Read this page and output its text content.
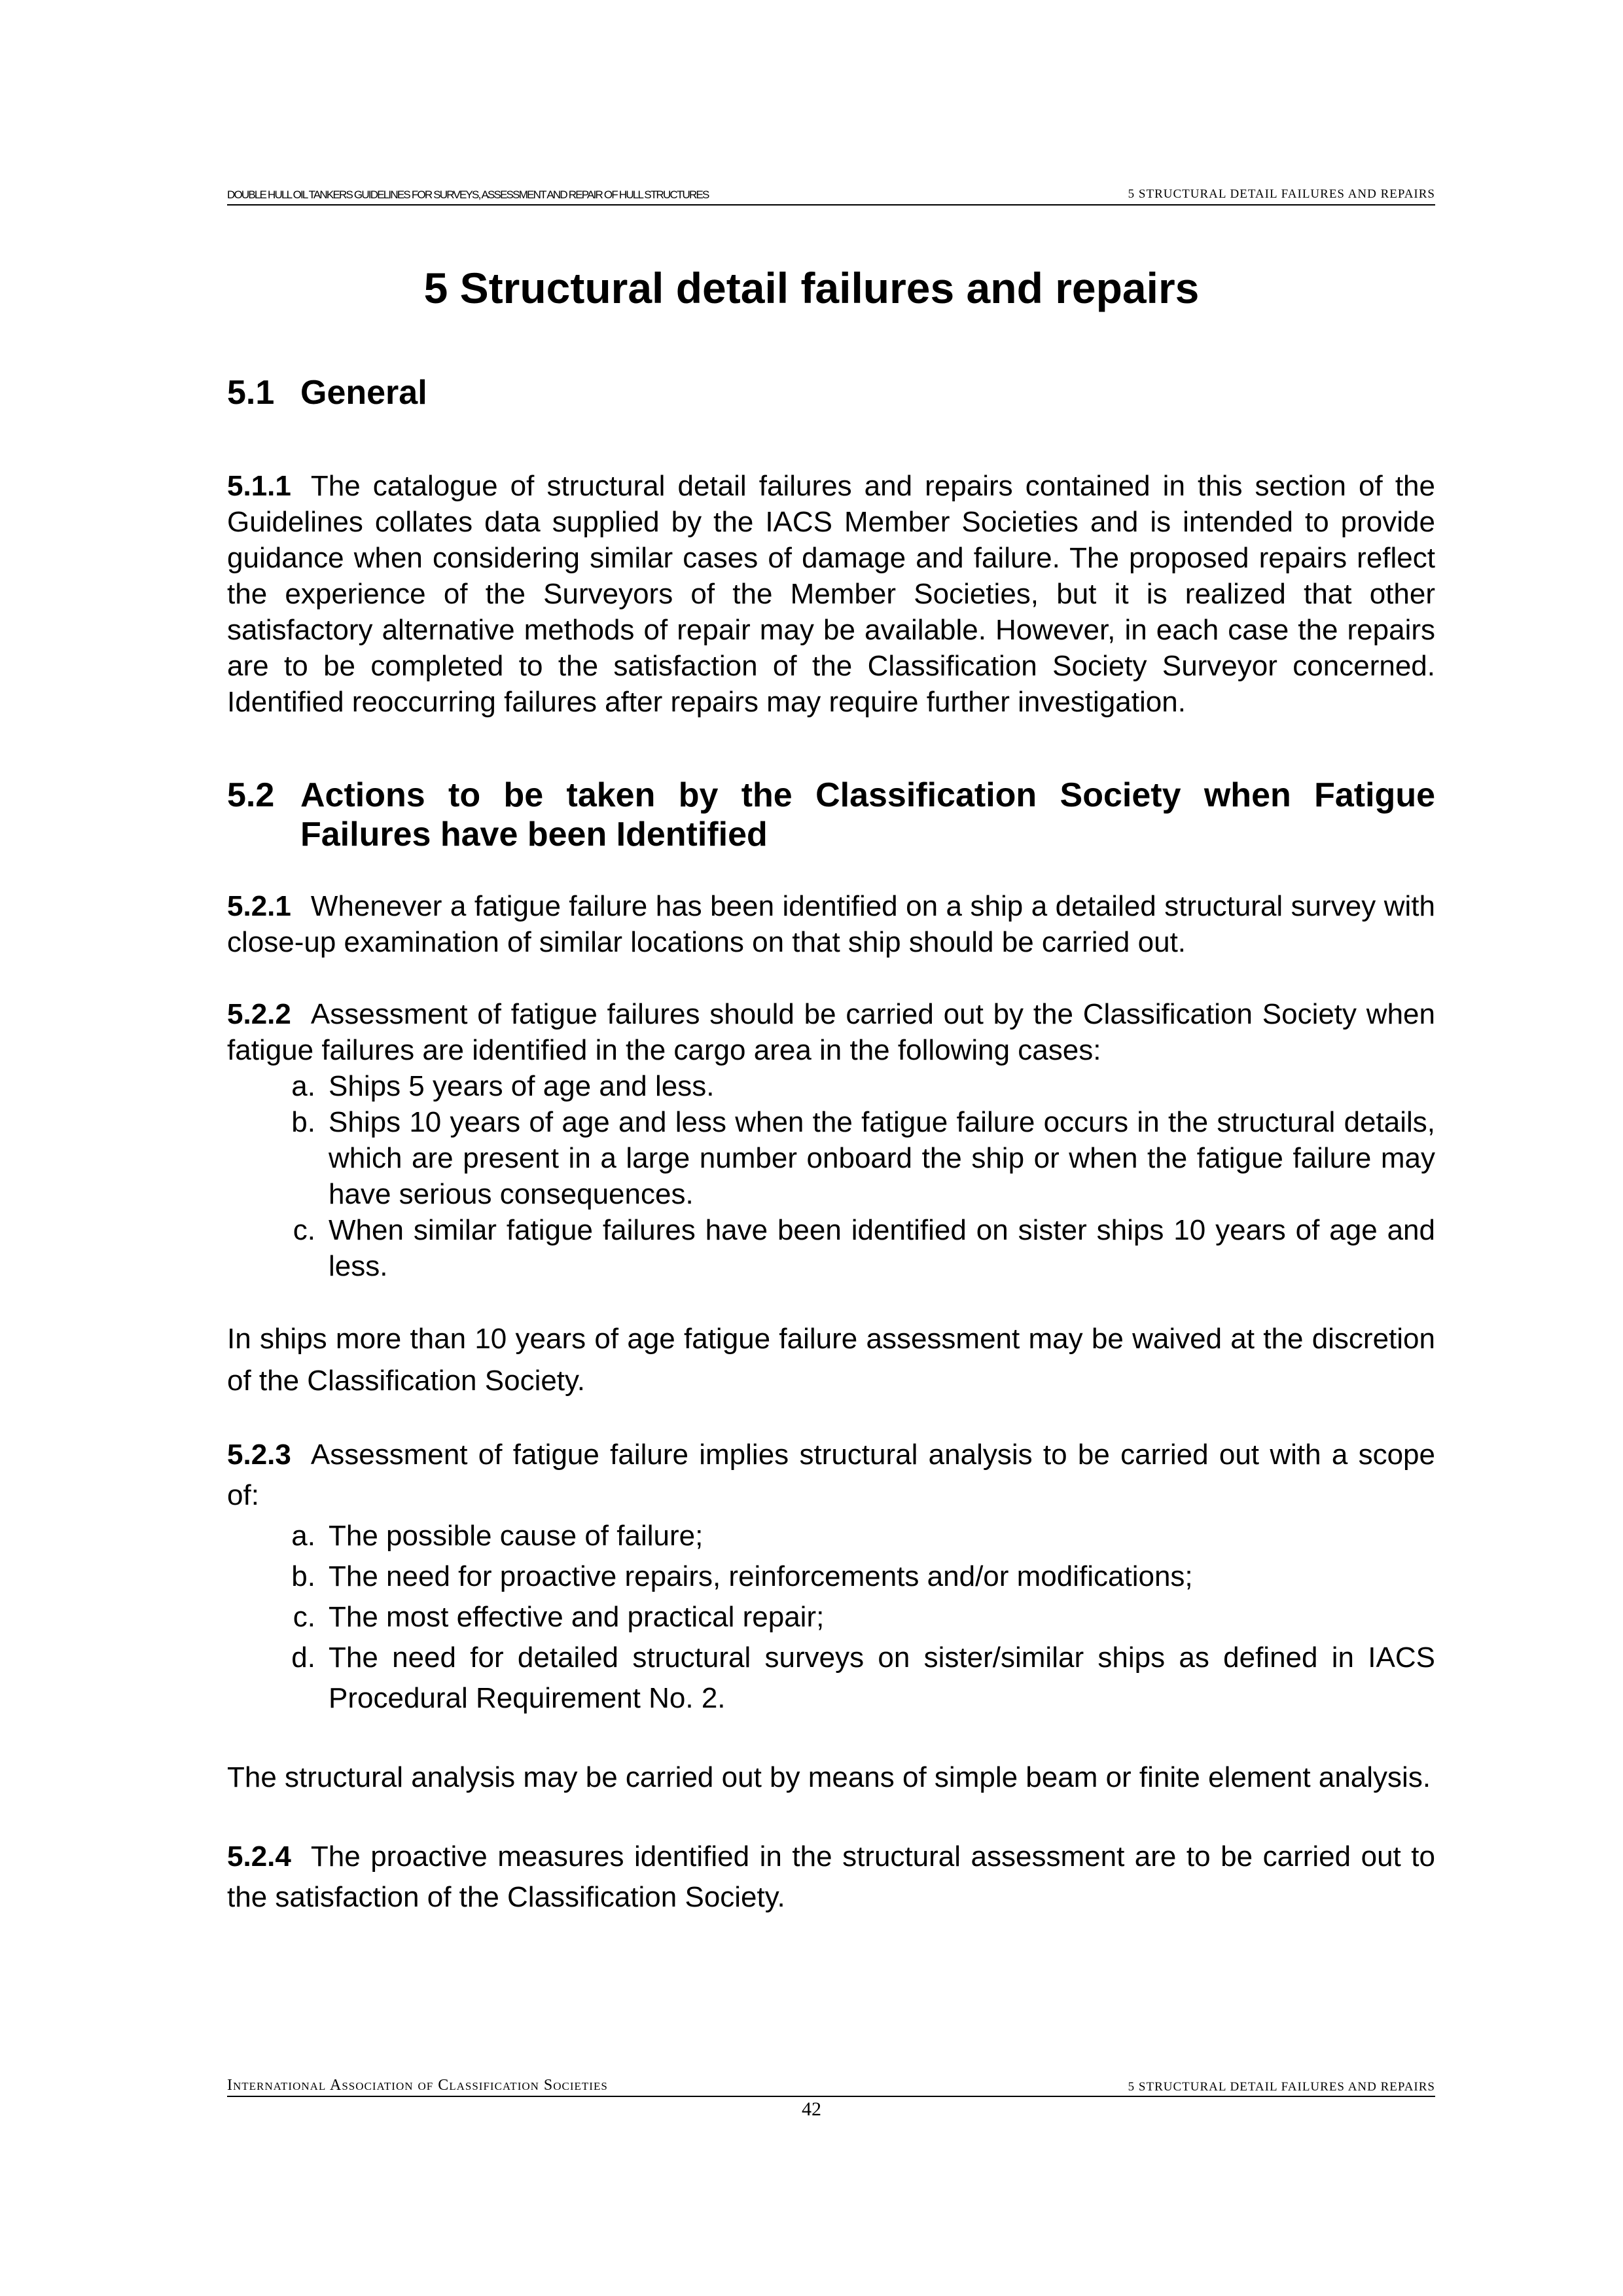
DOUBLE HULL OIL TANKERS GUIDELINES FOR SURVEYS, ASSESSMENT AND REPAIR OF HULL STRUCTURES	5 STRUCTURAL DETAIL FAILURES AND REPAIRS
5 Structural detail failures and repairs
5.1 General

5.1.1 The catalogue of structural detail failures and repairs contained in this section of the Guidelines collates data supplied by the IACS Member Societies and is intended to provide guidance when considering similar cases of damage and failure. The proposed repairs reflect the experience of the Surveyors of the Member Societies, but it is realized that other satisfactory alternative methods of repair may be available. However, in each case the repairs are to be completed to the satisfaction of the Classification Society Surveyor concerned. Identified reoccurring failures after repairs may require further investigation.

5.2 Actions to be taken by the Classification Society when Fatigue Failures have been Identified

5.2.1 Whenever a fatigue failure has been identified on a ship a detailed structural survey with close-up examination of similar locations on that ship should be carried out.

5.2.2 Assessment of fatigue failures should be carried out by the Classification Society when fatigue failures are identified in the cargo area in the following cases:

a. Ships 5 years of age and less.
b. Ships 10 years of age and less when the fatigue failure occurs in the structural details, which are present in a large number onboard the ship or when the fatigue failure may have serious consequences.
c. When similar fatigue failures have been identified on sister ships 10 years of age and less.

In ships more than 10 years of age fatigue failure assessment may be waived at the discretion of the Classification Society.

5.2.3 Assessment of fatigue failure implies structural analysis to be carried out with a scope of:

a. The possible cause of failure;
b. The need for proactive repairs, reinforcements and/or modifications;
c. The most effective and practical repair;
d. The need for detailed structural surveys on sister/similar ships as defined in IACS Procedural Requirement No. 2.

The structural analysis may be carried out by means of simple beam or finite element analysis.

5.2.4 The proactive measures identified in the structural assessment are to be carried out to the satisfaction of the Classification Society.

International Association of Classification Societies	5 STRUCTURAL DETAIL FAILURES AND REPAIRS
42
